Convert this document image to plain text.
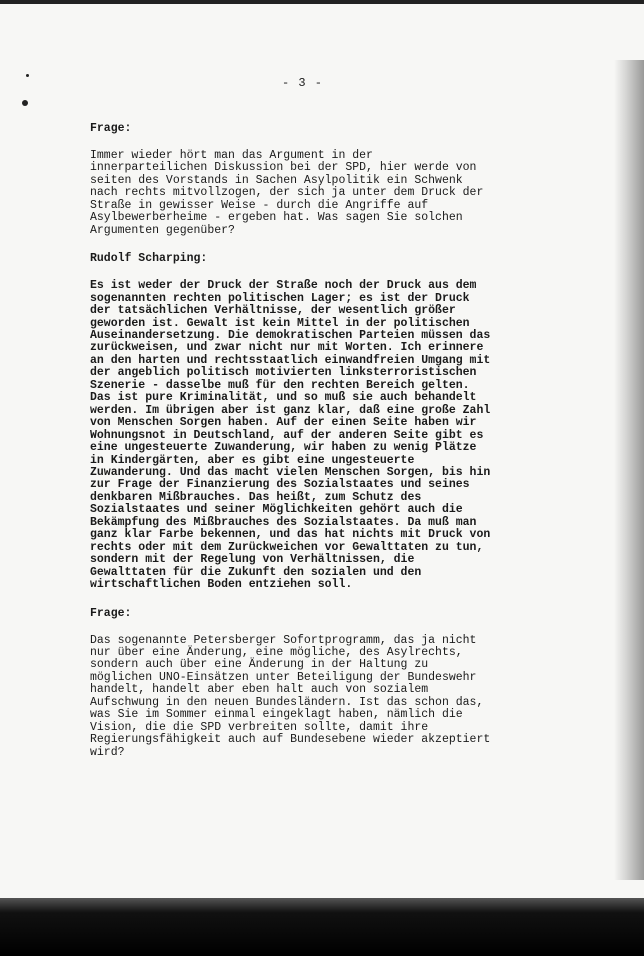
- 3 -
Frage:
Immer wieder hört man das Argument in der
innerparteilichen Diskussion bei der SPD, hier werde von
seiten des Vorstands in Sachen Asylpolitik ein Schwenk
nach rechts mitvollzogen, der sich ja unter dem Druck der
Straße in gewisser Weise - durch die Angriffe auf
Asylbewerberheime - ergeben hat. Was sagen Sie solchen
Argumenten gegenüber?
Rudolf Scharping:
Es ist weder der Druck der Straße noch der Druck aus dem
sogenannten rechten politischen Lager; es ist der Druck
der tatsächlichen Verhältnisse, der wesentlich größer
geworden ist. Gewalt ist kein Mittel in der politischen
Auseinandersetzung. Die demokratischen Parteien müssen das
zurückweisen, und zwar nicht nur mit Worten. Ich erinnere
an den harten und rechtsstaatlich einwandfreien Umgang mit
der angeblich politisch motivierten linksterroristischen
Szenerie - dasselbe muß für den rechten Bereich gelten.
Das ist pure Kriminalität, und so muß sie auch behandelt
werden. Im übrigen aber ist ganz klar, daß eine große Zahl
von Menschen Sorgen haben. Auf der einen Seite haben wir
Wohnungsnot in Deutschland, auf der anderen Seite gibt es
eine ungesteuerte Zuwanderung, wir haben zu wenig Plätze
in Kindergärten, aber es gibt eine ungesteuerte
Zuwanderung. Und das macht vielen Menschen Sorgen, bis hin
zur Frage der Finanzierung des Sozialstaates und seines
denkbaren Mißbrauches. Das heißt, zum Schutz des
Sozialstaates und seiner Möglichkeiten gehört auch die
Bekämpfung des Mißbrauches des Sozialstaates. Da muß man
ganz klar Farbe bekennen, und das hat nichts mit Druck von
rechts oder mit dem Zurückweichen vor Gewalttaten zu tun,
sondern mit der Regelung von Verhältnissen, die
Gewalttaten für die Zukunft den sozialen und den
wirtschaftlichen Boden entziehen soll.
Frage:
Das sogenannte Petersberger Sofortprogramm, das ja nicht
nur über eine Änderung, eine mögliche, des Asylrechts,
sondern auch über eine Änderung in der Haltung zu
möglichen UNO-Einsätzen unter Beteiligung der Bundeswehr
handelt, handelt aber eben halt auch von sozialem
Aufschwung in den neuen Bundesländern. Ist das schon das,
was Sie im Sommer einmal eingeklagt haben, nämlich die
Vision, die die SPD verbreiten sollte, damit ihre
Regierungsfähigkeit auch auf Bundesebene wieder akzeptiert
wird?
